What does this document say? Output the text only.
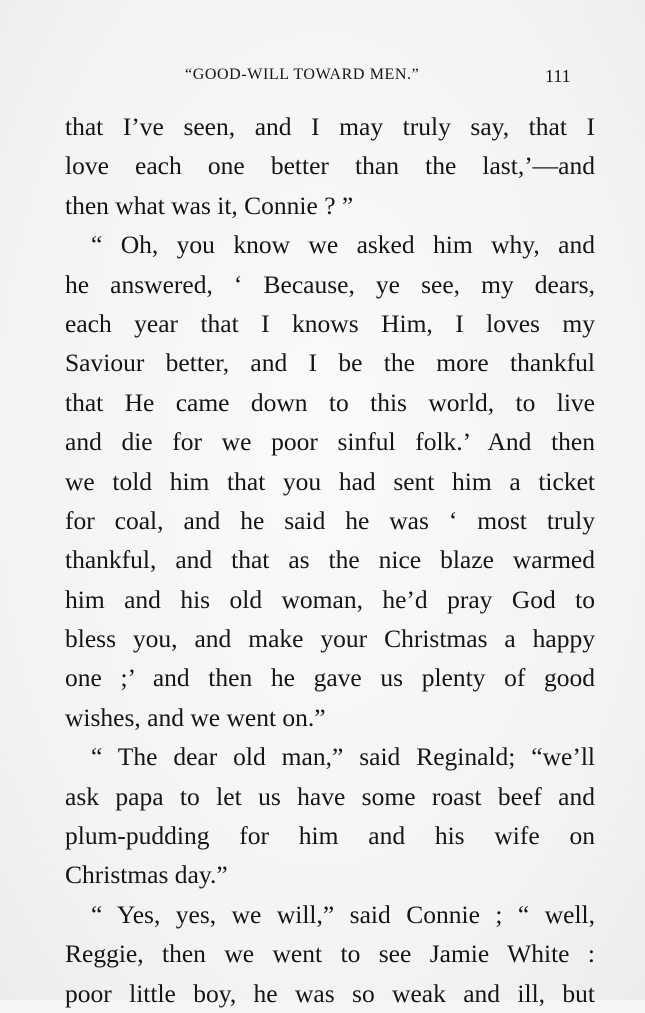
“GOOD-WILL TOWARD MEN.”	111
that I’ve seen, and I may truly say, that I
love each one better than the last,’—and
then what was it, Connie ? ”
“ Oh, you know we asked him why, and
he answered, ‘ Because, ye see, my dears,
each year that I knows Him, I loves my
Saviour better, and I be the more thankful
that He came down to this world, to live
and die for we poor sinful folk.’ And then
we told him that you had sent him a ticket
for coal, and he said he was ‘ most truly
thankful, and that as the nice blaze warmed
him and his old woman, he’d pray God to
bless you, and make your Christmas a happy
one ;’ and then he gave us plenty of good
wishes, and we went on.”
“ The dear old man,” said Reginald; “we’ll
ask papa to let us have some roast beef and
plum-pudding for him and his wife on
Christmas day.”
“ Yes, yes, we will,” said Connie ; “ well,
Reggie, then we went to see Jamie White :
poor little boy, he was so weak and ill, but
